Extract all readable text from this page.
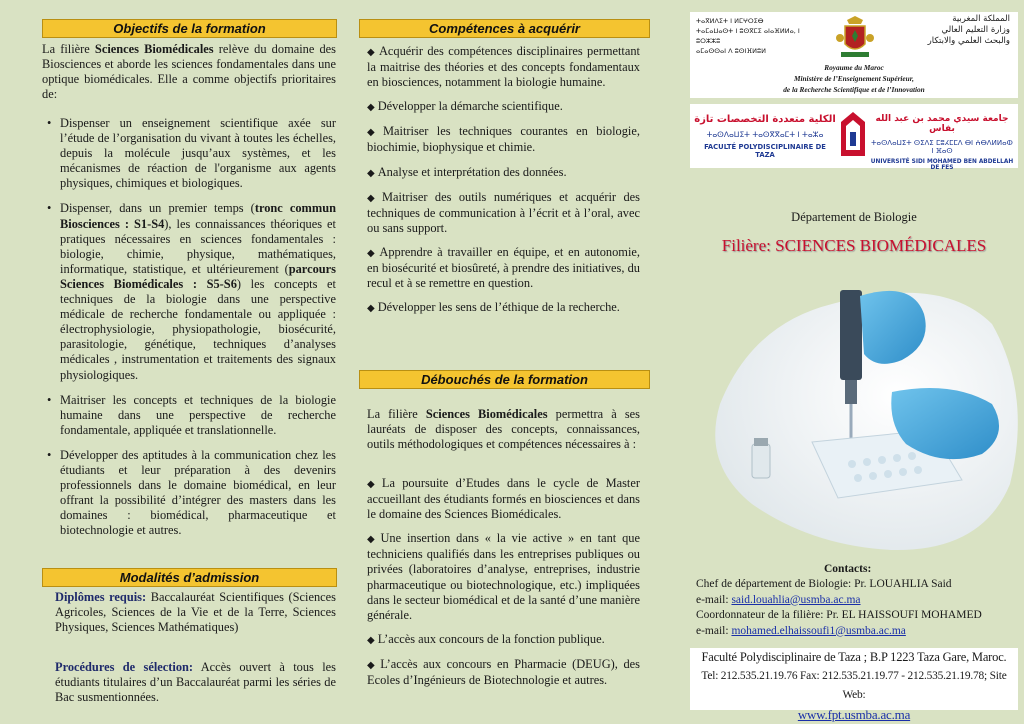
Objectifs de la formation
La filière Sciences Biomédicales relève du domaine des Biosciences et aborde les sciences fondamentales dans une optique biomédicales. Elle a comme objectifs prioritaires de:
• Dispenser un enseignement scientifique axée sur l’étude de l’organisation du vivant à toutes les échelles, depuis la molécule jusqu’aux systèmes, et les mécanismes de réaction de l'organisme aux agents physiques, chimiques et biologiques.
• Dispenser, dans un premier temps (tronc commun Biosciences : S1-S4), les connaissances théoriques et pratiques nécessaires en sciences fondamentales : biologie, chimie, physique, mathématiques, informatique, statistique, et ultérieurement (parcours Sciences Biomédicales : S5-S6) les concepts et techniques de la biologie dans une perspective médicale de recherche fondamentale ou appliquée : électrophysiologie, physiopathologie, biosécurité, parasitologie, génétique, techniques d’analyses médicales , instrumentation et traitements des signaux physiologiques.
• Maitriser les concepts et techniques de la biologie humaine dans une perspective de recherche fondamentale, appliquée et translationnelle.
• Développer des aptitudes à la communication chez les étudiants et leur préparation à des devenirs professionnels dans le domaine biomédical, en leur offrant la possibilité d’intégrer des masters dans les domaines : biomédical, pharmaceutique et biotechnologie et autres.
Modalités d’admission
Diplômes requis: Baccalauréat Scientifiques (Sciences Agricoles, Sciences de la Vie et de la Terre, Sciences Physiques, Sciences Mathématiques)
Procédures de sélection: Accès ouvert à tous les étudiants titulaires d’un Baccalauréat parmi les séries de Bac susmentionnées.
Compétences à acquérir
◆ Acquérir des compétences disciplinaires permettant la maitrise des théories et des concepts fondamentaux en biosciences, notamment la biologie humaine.
◆ Développer la démarche scientifique.
◆ Maitriser les techniques courantes en biologie, biochimie, biophysique et chimie.
◆ Analyse et interprétation des données.
◆ Maitriser des outils numériques et acquérir des techniques de communication à l’écrit et à l’oral, avec ou sans support.
◆ Apprendre à travailler en équipe, et en autonomie, en biosécurité et biosûreté, à prendre des initiatives, du recul et à se remettre en question.
◆ Développer les sens de l’éthique de la recherche.
Débouchés de la formation
La filière Sciences Biomédicales permettra à ses lauréats de disposer des concepts, connaissances, outils méthodologiques et compétences nécessaires à :
◆ La poursuite d’Etudes dans le cycle de Master accueillant des étudiants formés en biosciences et dans le domaine des Sciences Biomédicales.
◆ Une insertion dans « la vie active » en tant que techniciens qualifiés dans les entreprises publiques ou privées (laboratoires d’analyse, entreprises, industrie pharmaceutique ou biotechnologique, etc.) impliquées dans le secteur biomédical et de la santé d’une manière générale.
◆ L’accès aux concours de la fonction publique.
◆ L’accès aux concours en Pharmacie (DEUG), des Ecoles d’Ingénieurs de Biotechnologie et autres.
ⵜⴰⴳⵍⴷⵉⵜ ⵏ ⵍⵎⵖⵔⵉⴱ
ⵜⴰⵎⴰⵡⴰⵙⵜ ⵏ ⵓⵙⴳⵎⵉ ⴰⵏⴰⴼⵍⵍⴰ, ⵏ ⵓⵔⵣⵣⵓ
ⴰⵎⴰⵙⵙⴰⵏ ⴷ ⵓⵙⵏⴼⵍⵓⵍ
المملكة المغربية
وزارة التعليم العالي
والبحث العلمي والابتكار
Royaume du Maroc
Ministère de l’Enseignement Supérieur,
de la Recherche Scientifique et de l’Innovation
الكلية متعددة التخصصات تازة
ⵜⴰⵙⴷⴰⵡⵉⵜ ⵜⴰⵙⴳⴳⴰⵎⵜ ⵏ ⵜⴰⵣⴰ
FACULTÉ POLYDISCIPLINAIRE DE TAZA
جامعة سيدي محمد بن عبد الله بفاس
ⵜⴰⵙⴷⴰⵡⵉⵜ ⵙⵉⴷⵉ ⵎⵓⵃⵎⵎⴷ ⴱⵏ ⵄⴱⴷⵍⵍⴰⵀ ⵏ ⴼⴰⵙ
UNIVERSITÉ SIDI MOHAMED BEN ABDELLAH DE FES
Département de Biologie
Filière: SCIENCES BIOMÉDICALES
Contacts:
Chef de département de Biologie: Pr. LOUAHLIA Said
e-mail: said.louahlia@usmba.ac.ma
Coordonnateur de la filière: Pr. EL HAISSOUFI MOHAMED
e-mail: mohamed.elhaissoufi1@usmba.ac.ma
Faculté Polydisciplinaire de Taza ; B.P 1223 Taza Gare, Maroc.
Tel: 212.535.21.19.76 Fax: 212.535.21.19.77 - 212.535.21.19.78; Site Web:
www.fpt.usmba.ac.ma
